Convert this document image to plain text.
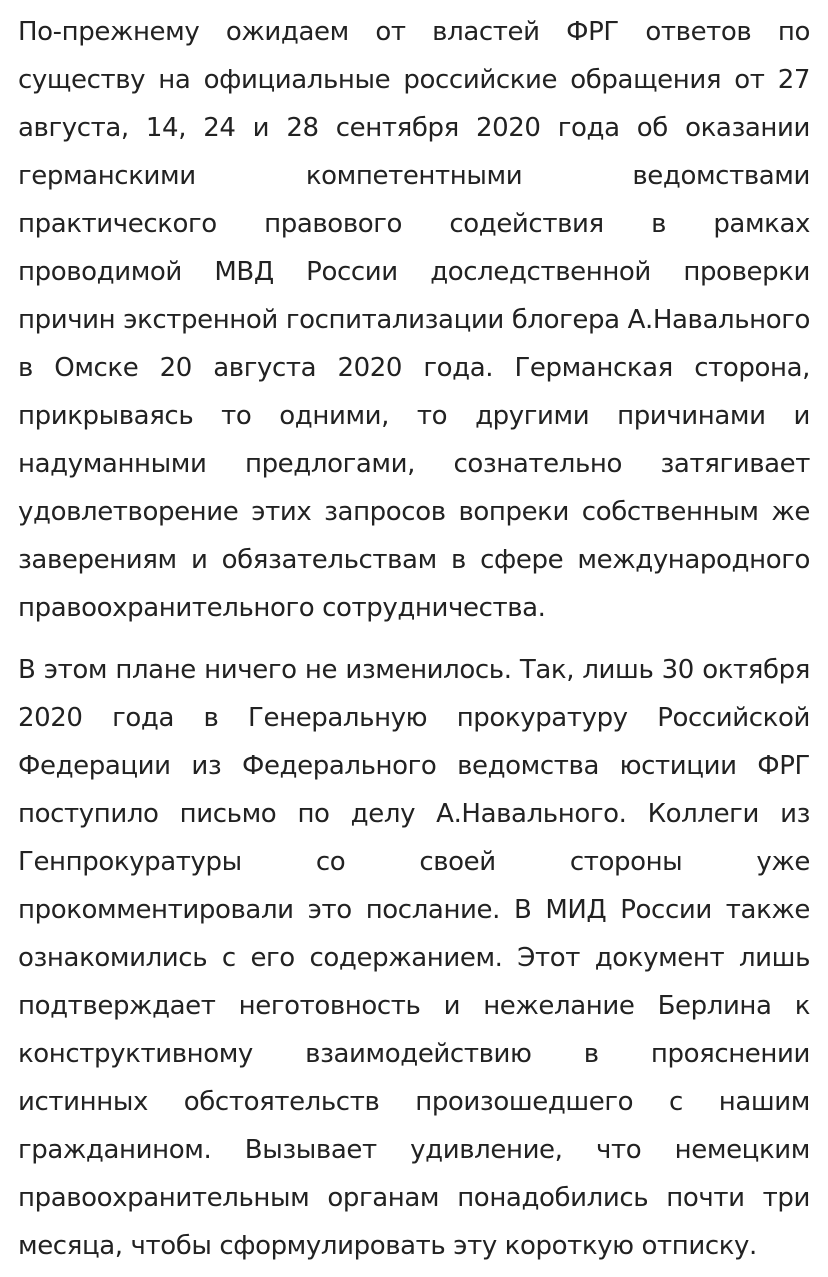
По-прежнему ожидаем от властей ФРГ ответов по существу на официальные российские обращения от 27 августа, 14, 24 и 28 сентября 2020 года об оказании германскими компетентными ведомствами практического правового содействия в рамках проводимой МВД России доследственной проверки причин экстренной госпитализации блогера А.Навального в Омске 20 августа 2020 года. Германская сторона, прикрываясь то одними, то другими причинами и надуманными предлогами, сознательно затягивает удовлетворение этих запросов вопреки собственным же заверениям и обязательствам в сфере международного правоохранительного сотрудничества.

В этом плане ничего не изменилось. Так, лишь 30 октября 2020 года в Генеральную прокуратуру Российской Федерации из Федерального ведомства юстиции ФРГ поступило письмо по делу А.Навального. Коллеги из Генпрокуратуры со своей стороны уже прокомментировали это послание. В МИД России также ознакомились с его содержанием. Этот документ лишь подтверждает неготовность и нежелание Берлина к конструктивному взаимодействию в прояснении истинных обстоятельств произошедшего с нашим гражданином. Вызывает удивление, что немецким правоохранительным органам понадобились почти три месяца, чтобы сформулировать эту короткую отписку.
